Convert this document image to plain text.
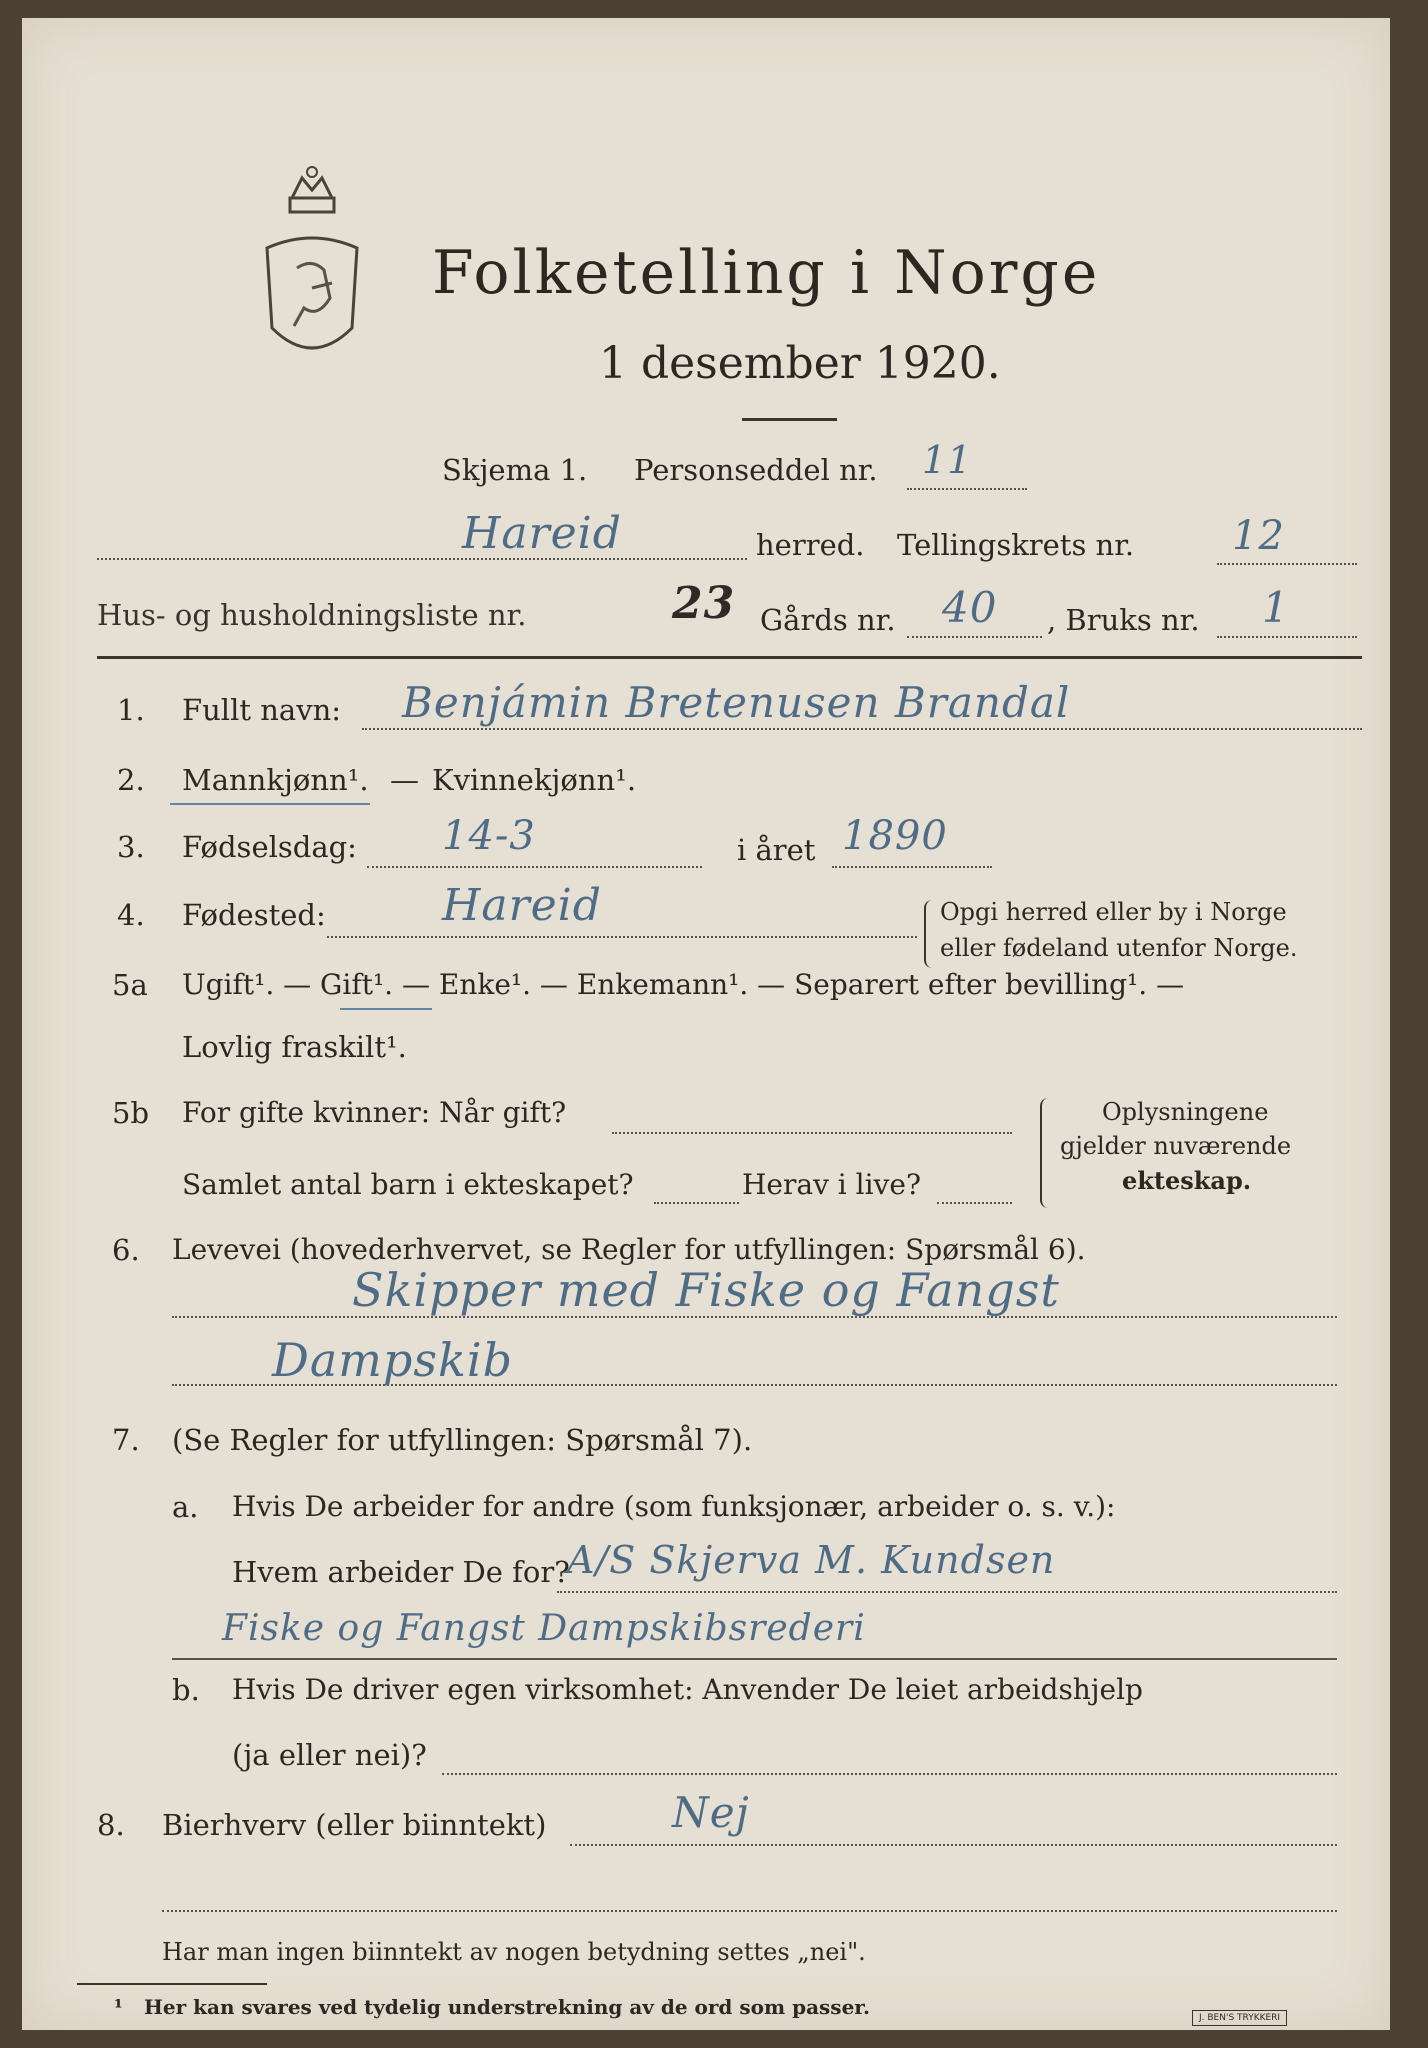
Folketelling i Norge
1 desember 1920.
Skjema 1. Personseddel nr. 11
Hareid	herred. Tellingskrets nr. 12
Hus- og husholdningsliste nr.	23 Gårds nr. 40 , Bruks nr. 1
1. Fullt navn: Benjámin Bretenusen Brandal
2. Mannkjønn¹. — Kvinnekjønn¹.
3. Fødselsdag: 14-3	i året 1890
4. Fødested:	Hareid	Opgi herred eller by i Norge
eller fødeland utenfor Norge.
5a Ugift¹. — Gift¹. — Enke¹. — Enkemann¹. — Separert efter bevilling¹. —
Lovlig fraskilt¹.
5b For gifte kvinner: Når gift?
Samlet antal barn i ekteskapet?	Herav i live?
Oplysningene
gjelder nuværende
ekteskap.
6. Levevei (hovederhvervet, se Regler for utfyllingen: Spørsmål 6).
Skipper med Fiske og Fangst
Dampskib
7. (Se Regler for utfyllingen: Spørsmål 7).
a. Hvis De arbeider for andre (som funksjonær, arbeider o. s. v.):
Hvem arbeider De for?
A/S Skjerva M. Kundsen
Fiske og Fangst Dampskibsrederi
b. Hvis De driver egen virksomhet: Anvender De leiet arbeidshjelp
(ja eller nei)?
8. Bierhverv (eller biinntekt)	Nej
Har man ingen biinntekt av nogen betydning settes „nei".
¹ Her kan svares ved tydelig understrekning av de ord som passer.	J. BEN'S TRYKKERI
